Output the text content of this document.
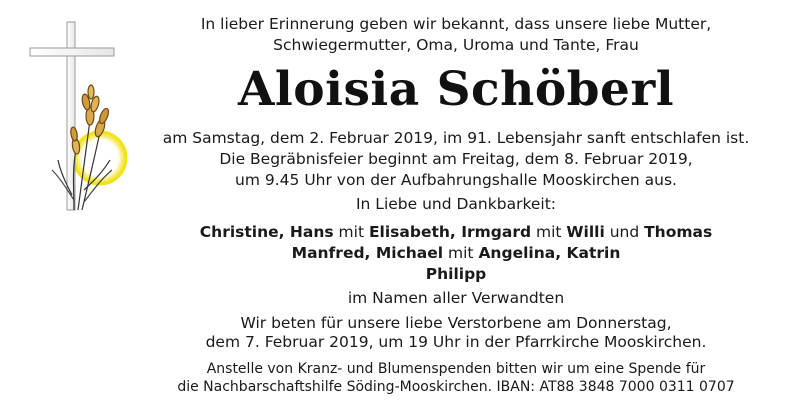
In lieber Erinnerung geben wir bekannt, dass unsere liebe Mutter,
Schwiegermutter, Oma, Uroma und Tante, Frau
Aloisia Schöberl
am Samstag, dem 2. Februar 2019, im 91. Lebensjahr sanft entschlafen ist.
Die Begräbnisfeier beginnt am Freitag, dem 8. Februar 2019,
um 9.45 Uhr von der Aufbahrungshalle Mooskirchen aus.
In Liebe und Dankbarkeit:
Christine, Hans mit Elisabeth, Irmgard mit Willi und Thomas
Manfred, Michael mit Angelina, Katrin
Philipp
im Namen aller Verwandten
Wir beten für unsere liebe Verstorbene am Donnerstag,
dem 7. Februar 2019, um 19 Uhr in der Pfarrkirche Mooskirchen.
Anstelle von Kranz- und Blumenspenden bitten wir um eine Spende für
die Nachbarschaftshilfe Söding-Mooskirchen. IBAN: AT88 3848 7000 0311 0707
